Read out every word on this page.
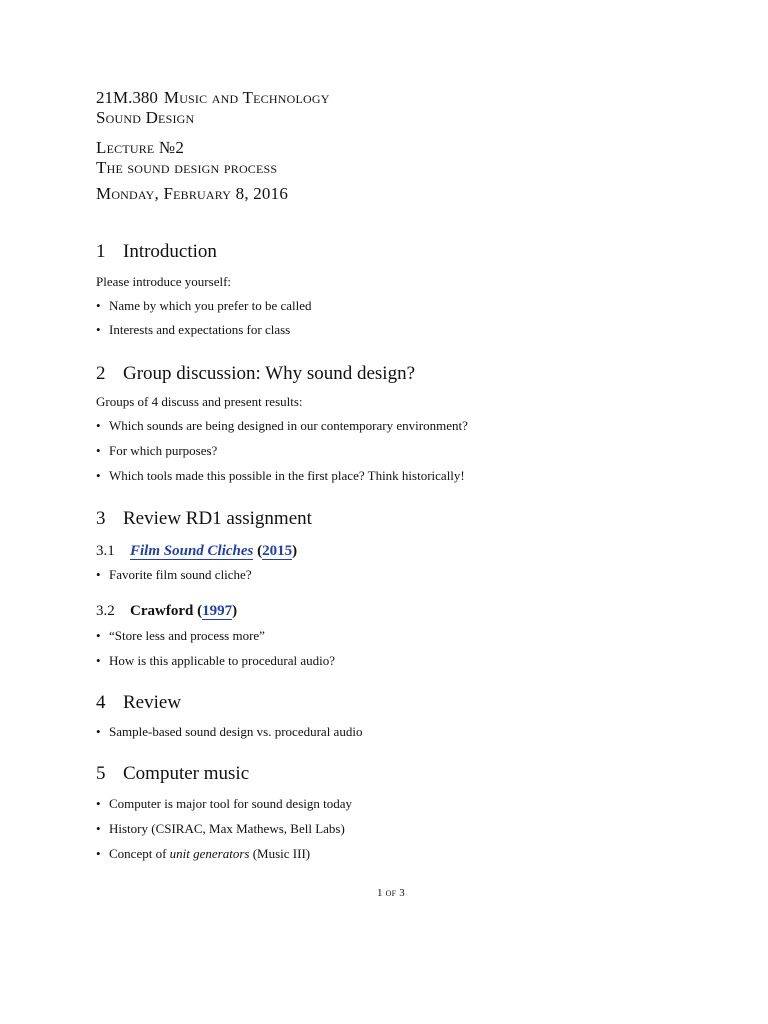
21M.380 Music and Technology
Sound Design
Lecture №2
The sound design process
Monday, February 8, 2016
1 Introduction
Please introduce yourself:
• Name by which you prefer to be called
• Interests and expectations for class
2 Group discussion: Why sound design?
Groups of 4 discuss and present results:
• Which sounds are being designed in our contemporary environment?
• For which purposes?
• Which tools made this possible in the first place? Think historically!
3 Review RD1 assignment
3.1 Film Sound Cliches (2015)
• Favorite film sound cliche?
3.2 Crawford (1997)
• “Store less and process more”
• How is this applicable to procedural audio?
4 Review
• Sample-based sound design vs. procedural audio
5 Computer music
• Computer is major tool for sound design today
• History (CSIRAC, Max Mathews, Bell Labs)
• Concept of unit generators (Music III)
1 of 3
